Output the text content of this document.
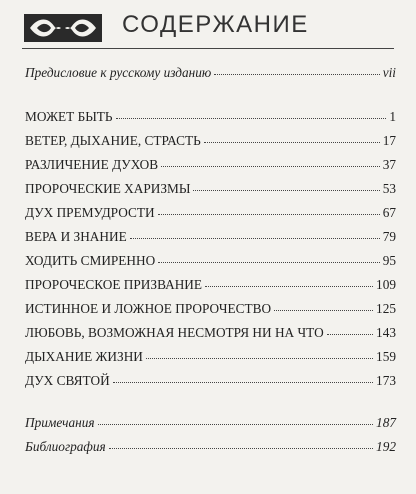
СОДЕРЖАНИЕ
Предисловие к русскому изданию	vii
МОЖЕТ БЫТЬ	1
ВЕТЕР, ДЫХАНИЕ, СТРАСТЬ	17
РАЗЛИЧЕНИЕ ДУХОВ	37
ПРОРОЧЕСКИЕ ХАРИЗМЫ	53
ДУХ ПРЕМУДРОСТИ	67
ВЕРА И ЗНАНИЕ	79
ХОДИТЬ СМИРЕННО	95
ПРОРОЧЕСКОЕ ПРИЗВАНИЕ	109
ИСТИННОЕ И ЛОЖНОЕ ПРОРОЧЕСТВО	125
ЛЮБОВЬ, ВОЗМОЖНАЯ НЕСМОТРЯ НИ НА ЧТО	143
ДЫХАНИЕ ЖИЗНИ	159
ДУХ СВЯТОЙ	173
Примечания	187
Библиография	192
